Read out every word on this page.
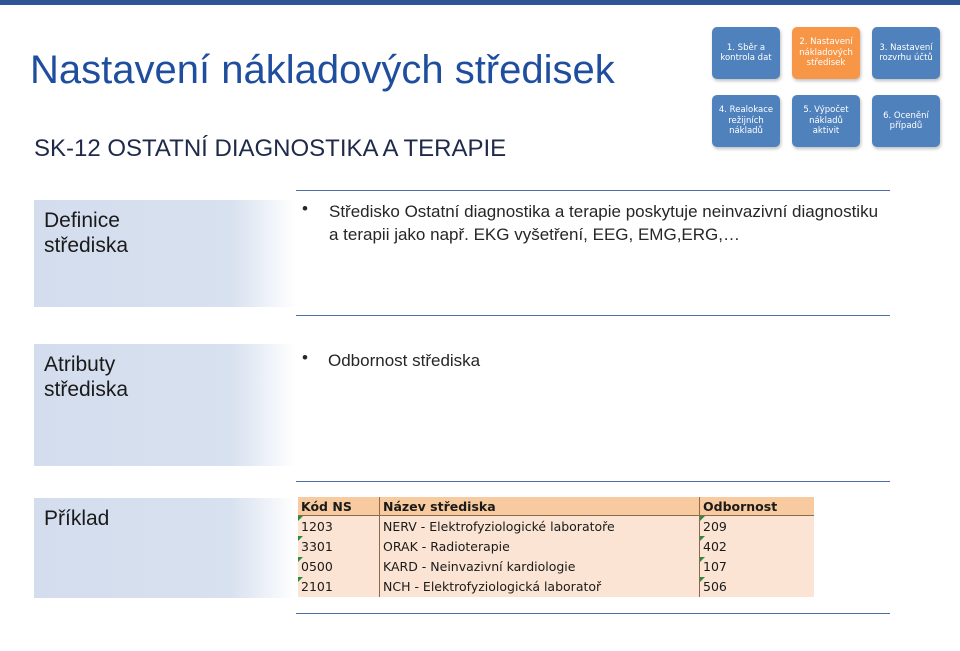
Nastavení nákladových středisek
SK-12 OSTATNÍ DIAGNOSTIKA A TERAPIE
1. Sběr a kontrola dat
2. Nastavení nákladových středisek
3. Nastavení rozvrhu účtů
4. Realokace režijních nákladů
5. Výpočet nákladů aktivit
6. Ocenění případů
Definice střediska
• Středisko Ostatní diagnostika a terapie poskytuje neinvazivní diagnostiku a terapii jako např. EKG vyšetření, EEG, EMG,ERG,…
Atributy střediska
• Odbornost střediska
Příklad
Kód NS	Název střediska	Odbornost

1203	NERV - Elektrofyziologické laboratoře	209

3301	ORAK - Radioterapie	402

0500	KARD - Neinvazivní kardiologie	107

2101	NCH - Elektrofyziologická laboratoř	506
